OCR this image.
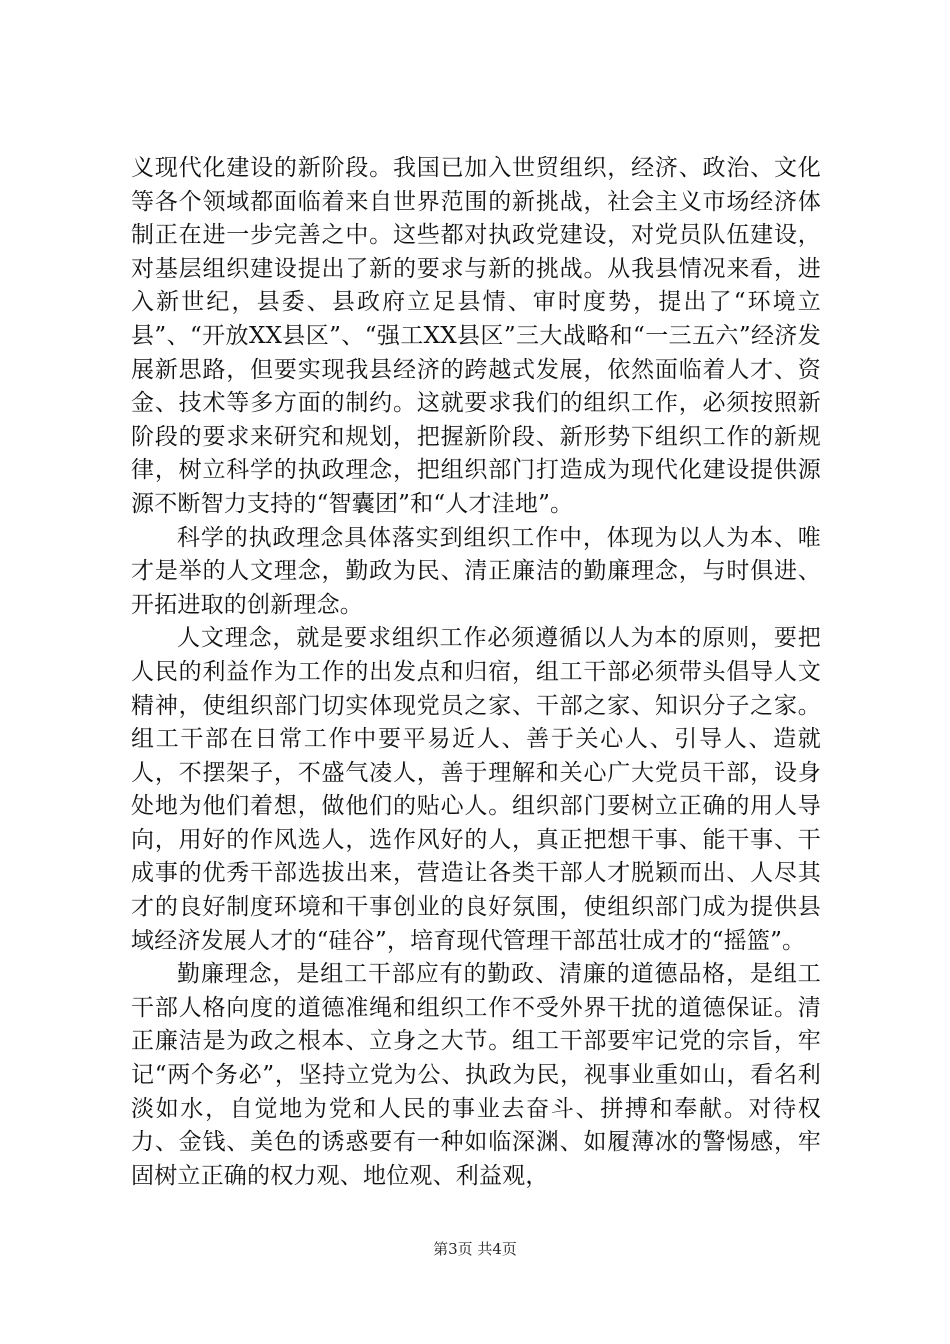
义现代化建设的新阶段。我国已加入世贸组织，经济、政治、文化等各个领域都面临着来自世界范围的新挑战，社会主义市场经济体制正在进一步完善之中。这些都对执政党建设，对党员队伍建设，对基层组织建设提出了新的要求与新的挑战。从我县情况来看，进入新世纪，县委、县政府立足县情、审时度势，提出了“环境立县”、“开放XX县区”、“强工XX县区”三大战略和“一三五六”经济发展新思路，但要实现我县经济的跨越式发展，依然面临着人才、资金、技术等多方面的制约。这就要求我们的组织工作，必须按照新阶段的要求来研究和规划，把握新阶段、新形势下组织工作的新规律，树立科学的执政理念，把组织部门打造成为现代化建设提供源源不断智力支持的“智囊团”和“人才洼地”。

科学的执政理念具体落实到组织工作中，体现为以人为本、唯才是举的人文理念，勤政为民、清正廉洁的勤廉理念，与时俱进、开拓进取的创新理念。

人文理念，就是要求组织工作必须遵循以人为本的原则，要把人民的利益作为工作的出发点和归宿，组工干部必须带头倡导人文精神，使组织部门切实体现党员之家、干部之家、知识分子之家。组工干部在日常工作中要平易近人、善于关心人、引导人、造就人，不摆架子，不盛气凌人，善于理解和关心广大党员干部，设身处地为他们着想，做他们的贴心人。组织部门要树立正确的用人导向，用好的作风选人，选作风好的人，真正把想干事、能干事、干成事的优秀干部选拔出来，营造让各类干部人才脱颖而出、人尽其才的良好制度环境和干事创业的良好氛围，使组织部门成为提供县域经济发展人才的“硅谷”，培育现代管理干部茁壮成才的“摇篮”。

勤廉理念，是组工干部应有的勤政、清廉的道德品格，是组工干部人格向度的道德准绳和组织工作不受外界干扰的道德保证。清正廉洁是为政之根本、立身之大节。组工干部要牢记党的宗旨，牢记“两个务必”，坚持立党为公、执政为民，视事业重如山，看名利淡如水，自觉地为党和人民的事业去奋斗、拼搏和奉献。对待权力、金钱、美色的诱惑要有一种如临深渊、如履薄冰的警惕感，牢固树立正确的权力观、地位观、利益观，

第3页 共4页
